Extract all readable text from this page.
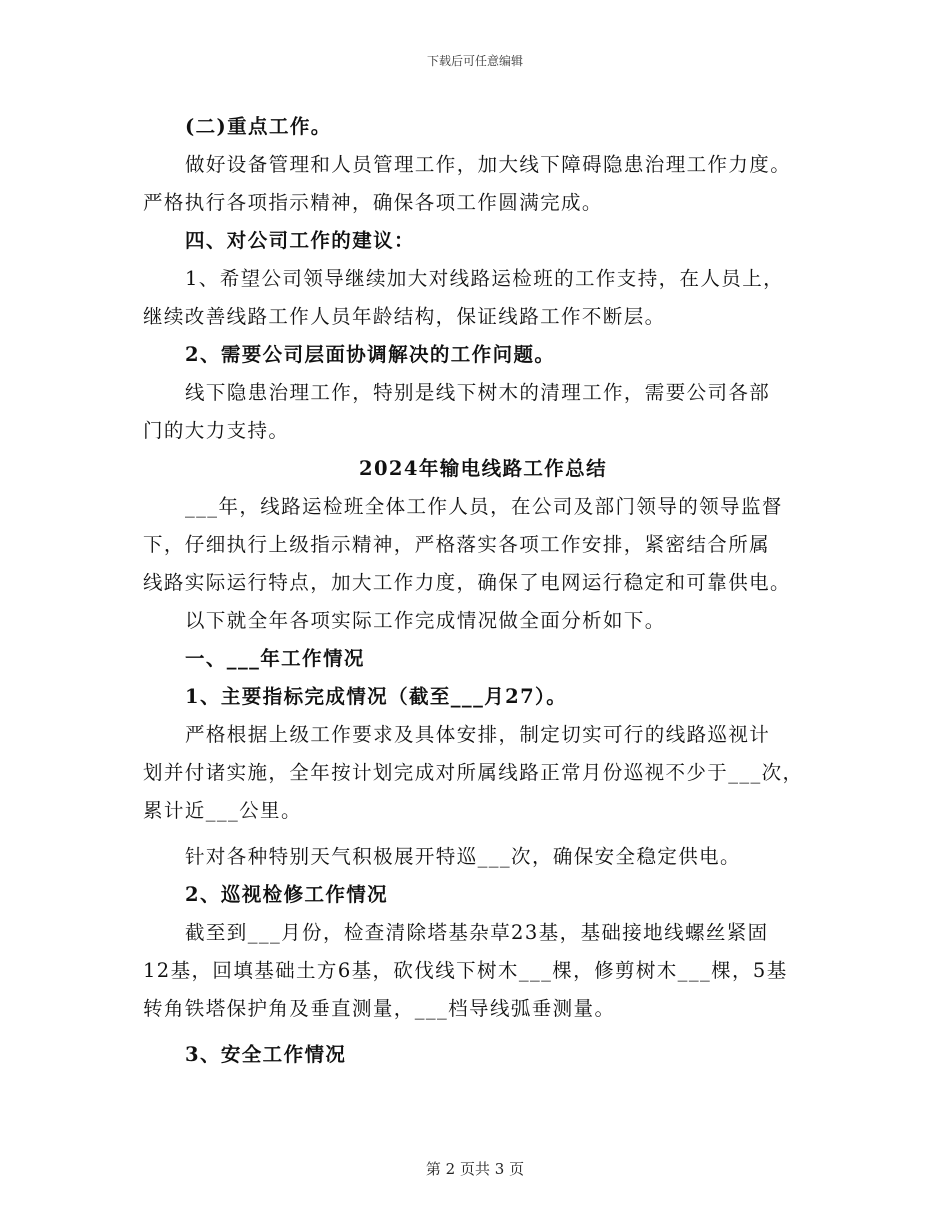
下载后可任意编辑
(二)重点工作。
做好设备管理和人员管理工作，加大线下障碍隐患治理工作力度。
严格执行各项指示精神，确保各项工作圆满完成。
四、对公司工作的建议：
1、希望公司领导继续加大对线路运检班的工作支持，在人员上，
继续改善线路工作人员年龄结构，保证线路工作不断层。
2、需要公司层面协调解决的工作问题。
线下隐患治理工作，特别是线下树木的清理工作，需要公司各部
门的大力支持。
2024年输电线路工作总结
___年，线路运检班全体工作人员，在公司及部门领导的领导监督
下，仔细执行上级指示精神，严格落实各项工作安排，紧密结合所属
线路实际运行特点，加大工作力度，确保了电网运行稳定和可靠供电。
以下就全年各项实际工作完成情况做全面分析如下。
一、___年工作情况
1、主要指标完成情况（截至___月27）。
严格根据上级工作要求及具体安排，制定切实可行的线路巡视计
划并付诸实施，全年按计划完成对所属线路正常月份巡视不少于___次，
累计近___公里。
针对各种特别天气积极展开特巡___次，确保安全稳定供电。
2、巡视检修工作情况
截至到___月份，检查清除塔基杂草23基，基础接地线螺丝紧固
12基，回填基础土方6基，砍伐线下树木___棵，修剪树木___棵，5基
转角铁塔保护角及垂直测量，___档导线弧垂测量。
3、安全工作情况
第 2 页共 3 页
